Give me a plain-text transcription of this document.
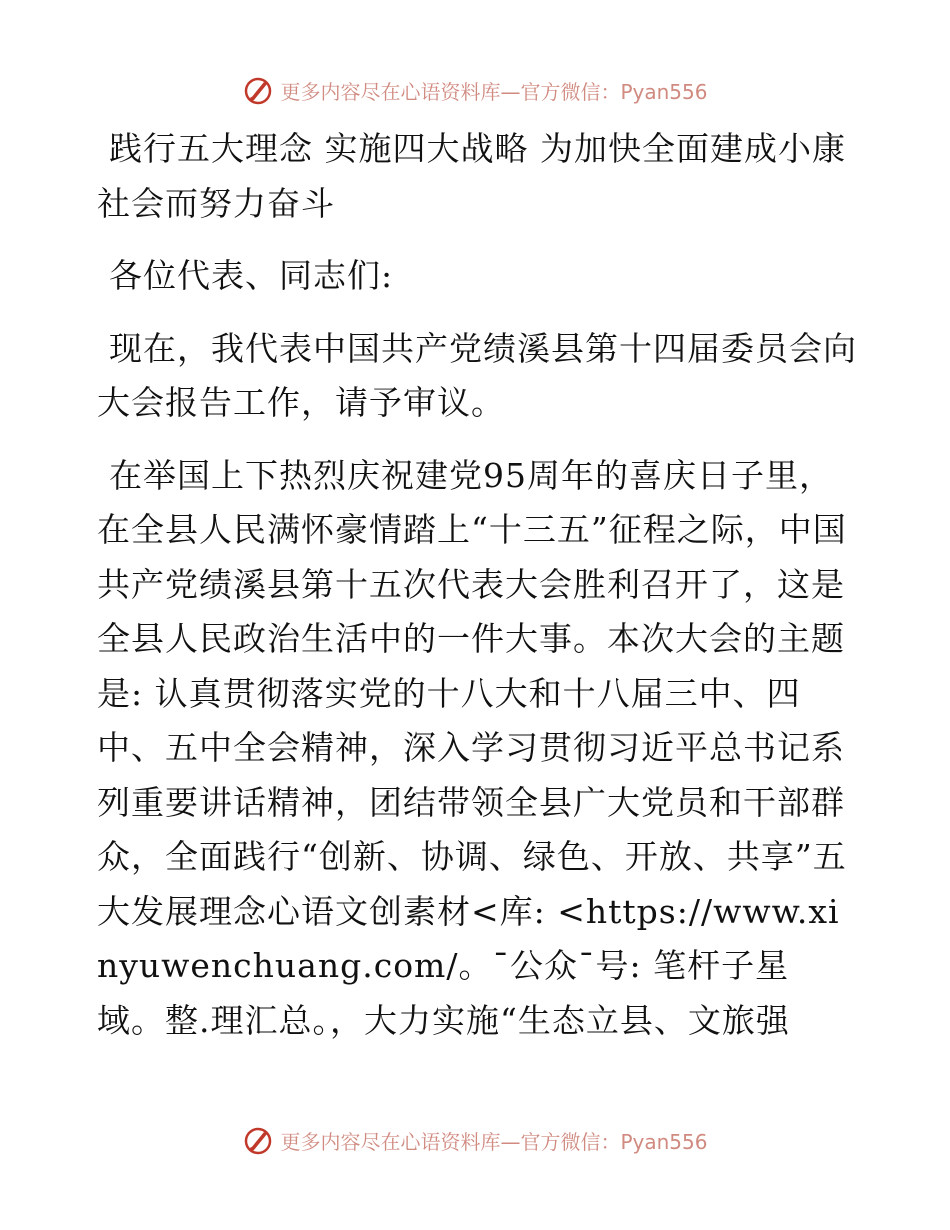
更多内容尽在心语资料库—官方微信：Pyan556

践行五大理念 实施四大战略 为加快全面建成小康社会而努力奋斗

各位代表、同志们:

现在，我代表中国共产党绩溪县第十四届委员会向大会报告工作，请予审议。

在举国上下热烈庆祝建党95周年的喜庆日子里，在全县人民满怀豪情踏上“十三五”征程之际，中国共产党绩溪县第十五次代表大会胜利召开了，这是全县人民政治生活中的一件大事。本次大会的主题是: 认真贯彻落实党的十八大和十八届三中、四中、五中全会精神，深入学习贯彻习近平总书记系列重要讲话精神，团结带领全县广大党员和干部群众，全面践行“创新、协调、绿色、开放、共享”五大发展理念心语文创素材<库: <https://www.xinyuwenchuang.com/。¯公众¯号: 笔杆子星域。整.理汇总。，大力实施“生态立县、文旅强

更多内容尽在心语资料库—官方微信：Pyan556
